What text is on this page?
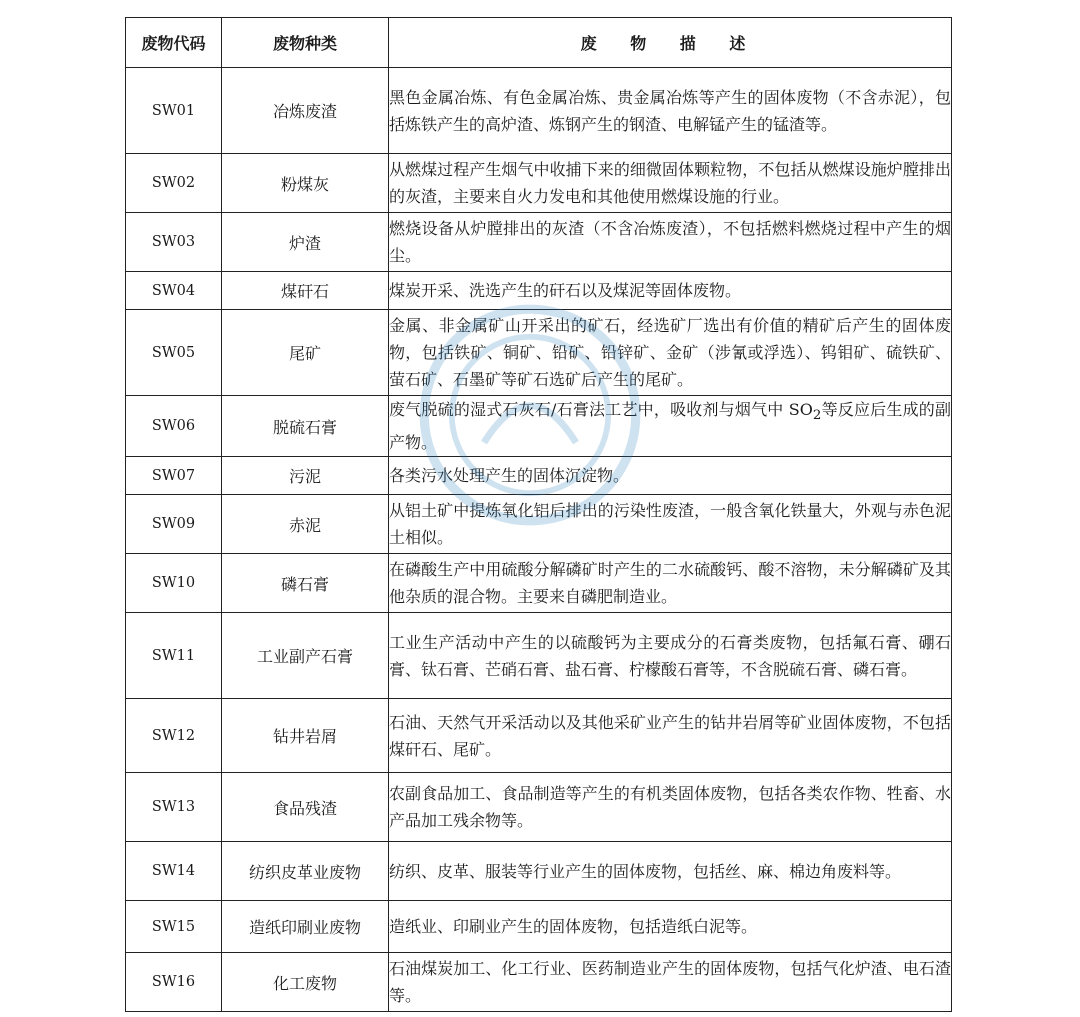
废物代码	废物种类	废 物 描 述
SW01	冶炼废渣	黑色金属冶炼、有色金属冶炼、贵金属冶炼等产生的固体废物（不含赤泥），包括炼铁产生的高炉渣、炼钢产生的钢渣、电解锰产生的锰渣等。
SW02	粉煤灰	从燃煤过程产生烟气中收捕下来的细微固体颗粒物，不包括从燃煤设施炉膛排出的灰渣，主要来自火力发电和其他使用燃煤设施的行业。
SW03	炉渣	燃烧设备从炉膛排出的灰渣（不含冶炼废渣），不包括燃料燃烧过程中产生的烟尘。
SW04	煤矸石	煤炭开采、洗选产生的矸石以及煤泥等固体废物。
SW05	尾矿	金属、非金属矿山开采出的矿石，经选矿厂选出有价值的精矿后产生的固体废物，包括铁矿、铜矿、铅矿、铅锌矿、金矿（涉氰或浮选）、钨钼矿、硫铁矿、萤石矿、石墨矿等矿石选矿后产生的尾矿。
SW06	脱硫石膏	废气脱硫的湿式石灰石/石膏法工艺中，吸收剂与烟气中 $SO_2$等反应后生成的副产物。
SW07	污泥	各类污水处理产生的固体沉淀物。
SW09	赤泥	从铝土矿中提炼氧化铝后排出的污染性废渣，一般含氧化铁量大，外观与赤色泥土相似。
SW10	磷石膏	在磷酸生产中用硫酸分解磷矿时产生的二水硫酸钙、酸不溶物，未分解磷矿及其他杂质的混合物。主要来自磷肥制造业。
SW11	工业副产石膏	工业生产活动中产生的以硫酸钙为主要成分的石膏类废物，包括氟石膏、硼石膏、钛石膏、芒硝石膏、盐石膏、柠檬酸石膏等，不含脱硫石膏、磷石膏。
SW12	钻井岩屑	石油、天然气开采活动以及其他采矿业产生的钻井岩屑等矿业固体废物，不包括煤矸石、尾矿。
SW13	食品残渣	农副食品加工、食品制造等产生的有机类固体废物，包括各类农作物、牲畜、水产品加工残余物等。
SW14	纺织皮革业废物	纺织、皮革、服装等行业产生的固体废物，包括丝、麻、棉边角废料等。
SW15	造纸印刷业废物	造纸业、印刷业产生的固体废物，包括造纸白泥等。
SW16	化工废物	石油煤炭加工、化工行业、医药制造业产生的固体废物，包括气化炉渣、电石渣等。
